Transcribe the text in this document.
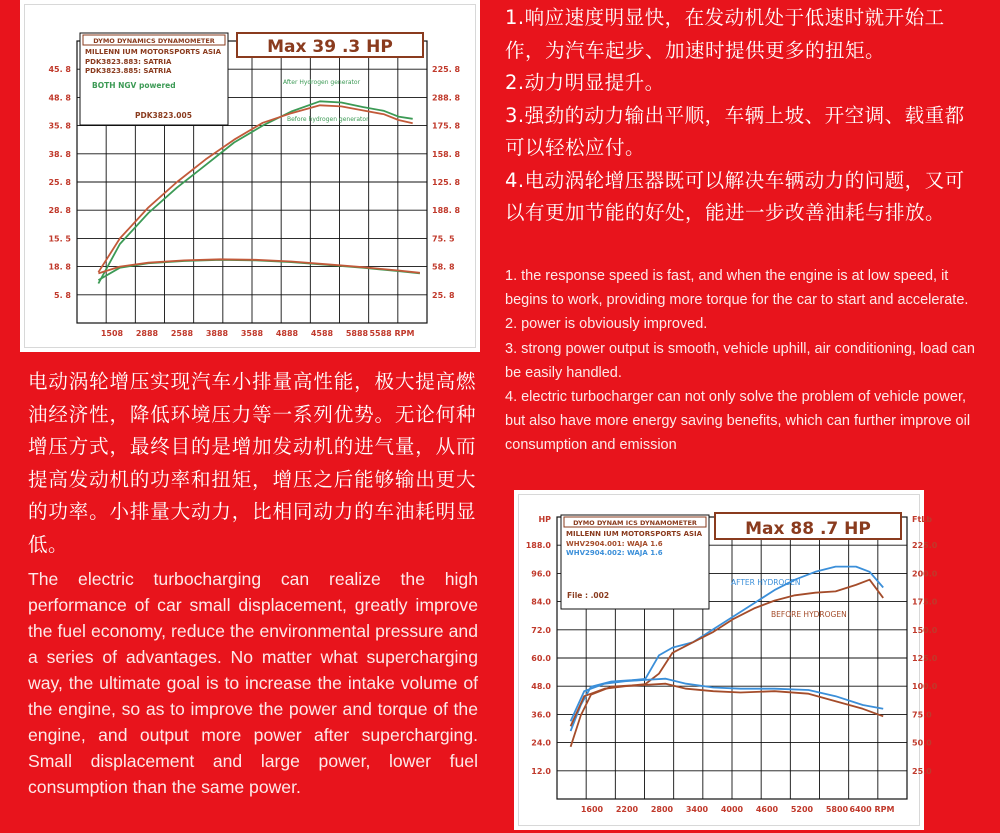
45. 8
48. 8
35. 8
38. 8
25. 8
28. 8
15. 5
18. 8
5. 8
225. 8
288. 8
175. 8
158. 8
125. 8
188. 8
75. 5
58. 8
25. 8
1508 2888 2588 3888 3588 4888 4588 5888 5588 RPM
DYMO DYNAMICS DYNAMOMETER
MILLENN IUM MOTORSPORTS ASIA
PDK3823.883: SATRIA
PDK3823.885: SATRIA
BOTH NGV powered
PDK3823.005
Max 39 .3 HP
After Hydrogen generator
Before hydrogen generator
188.0
96.0
84.0
72.0
60.0
48.0
36.0
24.0
12.0
225.0
200.0
175.0
150.0
125.0
100.0
75.0
50.0
25.0
1600 2200 2800 3400 4000 4600 5200 5800 6400 RPM
HP	FtLb
DYMO DYNAM ICS DYNAMOMETER
MILLENN IUM MOTORSPORTS ASIA
WHV2904.001: WAJA 1.6
WHV2904.002: WAJA 1.6
File : .002
Max 88 .7 HP
AFTER HYDROGEN
BEFORE HYDROGEN

电动涡轮增压实现汽车小排量高性能，极大提高燃油经济性，降低环境压力等一系列优势。无论何种增压方式，最终目的是增加发动机的进气量，从而提高发动机的功率和扭矩，增压之后能够输出更大的功率。小排量大动力，比相同动力的车油耗明显低。

The electric turbocharging can realize the high performance of car small displacement, greatly improve the fuel economy, reduce the environmental pressure and a series of advantages. No matter what supercharging way, the ultimate goal is to increase the intake volume of the engine, so as to improve the power and torque of the engine, and output more power after supercharging. Small displacement and large power, lower fuel consumption than the same power.

1.响应速度明显快，在发动机处于低速时就开始工作，为汽车起步、加速时提供更多的扭矩。
2.动力明显提升。
3.强劲的动力输出平顺，车辆上坡、开空调、载重都可以轻松应付。
4.电动涡轮增压器既可以解决车辆动力的问题，又可以有更加节能的好处，能进一步改善油耗与排放。
1. the response speed is fast, and when the engine is at low speed, it begins to work, providing more torque for the car to start and accelerate.
2. power is obviously improved.
3. strong power output is smooth, vehicle uphill, air conditioning, load can be easily handled.
4. electric turbocharger can not only solve the problem of vehicle power, but also have more energy saving benefits, which can further improve oil consumption and emission
